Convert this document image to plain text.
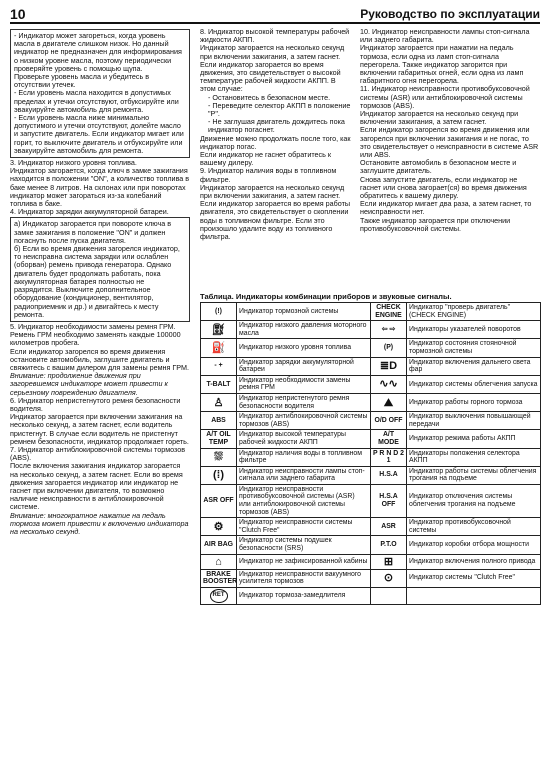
10	Руководство по эксплуатации

- Индикатор может загореться, когда уровень масла в двигателе слишком низок. Но данный индикатор не предназначен для информирования о низком уровне масла, поэтому периодически проверяйте уровень с помощью щупа.

Проверьте уровень масла и убедитесь в отсутствии утечек.

- Если уровень масла находится в допустимых пределах и утечки отсутствуют, отбуксируйте или эвакуируйте автомобиль для ремонта.

- Если уровень масла ниже минимально допустимого и утечки отсутствуют, долейте масло и запустите двигатель. Если индикатор мигает или горит, то выключите двигатель и отбуксируйте или эвакуируйте автомобиль для ремонта.

3. Индикатор низкого уровня топлива.

Индикатор загорается, когда ключ в замке зажигания находится в положении "ON", а количество топлива в баке менее 8 литров. На склонах или при поворотах индикатор может загораться из-за колебаний топлива в баке.

4. Индикатор зарядки аккумуляторной батареи.

а) Индикатор загорается при повороте ключа в замке зажигания в положение "ON" и должен погаснуть после пуска двигателя.

б) Если во время движения загорелся индикатор, то неисправна система зарядки или ослаблен (оборван) ремень привода генератора. Однако двигатель будет продолжать работать, пока аккумуляторная батарея полностью не разрядится. Выключите дополнительное оборудование (кондиционер, вентилятор, радиоприемник и др.) и двигайтесь к месту ремонта.

5. Индикатор необходимости замены ремня ГРМ.

Ремень ГРМ необходимо заменять каждые 100000 километров пробега.

Если индикатор загорелся во время движения остановите автомобиль, заглушите двигатель и свяжитесь с вашим дилером для замены ремня ГРМ.

Внимание: продолжение движения при загоревшемся индикаторе может привести к серьезному повреждению двигателя.

6. Индикатор непристегнутого ремня безопасности водителя.

Индикатор загорается при включении зажигания на несколько секунд, а затем гаснет, если водитель пристегнут. В случае если водитель не пристегнут ремнем безопасности, индикатор продолжает гореть.

7. Индикатор антиблокировочной системы тормозов (ABS).

После включения зажигания индикатор загорается на несколько секунд, а затем гаснет. Если во время движения загорается индикатор или индикатор не гаснет при включении двигателя, то возможно наличие неисправности в антиблокировочной системе.

Внимание: многократное нажатие на педаль тормоза может привести к включению индикатора на несколько секунд.

8. Индикатор высокой температуры рабочей жидкости АКПП.

Индикатор загорается на несколько секунд при включении зажигания, а затем гаснет.

Если индикатор загорается во время движения, это свидетельствует о высокой температуре рабочей жидкости АКПП. В этом случае:

- Остановитесь в безопасном месте.

- Переведите селектор АКПП в положение "P".

- Не заглушая двигатель дождитесь пока индикатор погаснет.

Движение можно продолжать после того, как индикатор погас.

Если индикатор не гаснет обратитесь к вашему дилеру.

9. Индикатор наличия воды в топливном фильтре.

Индикатор загорается на несколько секунд при включении зажигания, а затем гаснет.

Если индикатор загорается во время работы двигателя, это свидетельствует о скоплении воды в топливном фильтре. Если это произошло удалите воду из топливного фильтра.

10. Индикатор неисправности лампы стоп-сигнала или заднего габарита.

Индикатор загорается при нажатии на педаль тормоза, если одна из ламп стоп-сигнала перегорела. Также индикатор загорится при включении габаритных огней, если одна из ламп габаритного огня перегорела.

11. Индикатор неисправности противобуксовочной системы (ASR) или антиблокировочной системы тормозов (ABS).

Индикатор загорается на несколько секунд при включении зажигания, а затем гаснет.

Если индикатор загорелся во время движения или загорелся при включении зажигания и не погас, то это свидетельствует о неисправности в системе ASR или ABS.

Остановите автомобиль в безопасном месте и заглушите двигатель.

Снова запустите двигатель, если индикатор не гаснет или снова загорает(ся) во время движения обратитесь к вашему дилеру.

Если индикатор мигает два раза, а затем гаснет, то неисправности нет.

Также индикатор загорается при отключении противобуксовочной системы.

Таблица. Индикаторы комбинации приборов и звуковые сигналы.
(!)	Индикатор тормозной системы	CHECK ENGINE	Индикатор "проверь двигатель" (CHECK ENGINE)
⛽︎	Индикатор низкого давления моторного масла	⇦ ⇨	Индикаторы указателей поворотов
⛽	Индикатор низкого уровня топлива	(P)	Индикатор состояния стояночной тормозной системы
- +	Индикатор зарядки аккумуляторной батареи	≣D	Индикатор включения дальнего света фар
T-BALT	Индикатор необходимости замены ремня ГРМ	∿∿	Индикатор системы облегчения запуска
♙	Индикатор непристегнутого ремня безопасности водителя	⛰	Индикатор работы горного тормоза
ABS	Индикатор антиблокировочной системы тормозов (ABS)	O/D OFF	Индикатор выключения повышающей передачи
A/T OIL TEMP	Индикатор высокой температуры рабочей жидкости АКПП	A/T MODE	Индикатор режима работы АКПП
⛆	Индикатор наличия воды в топливном фильтре	P R N D 2 1	Индикаторы положения селектора АКПП
(⁞)	Индикатор неисправности лампы стоп-сигнала или заднего габарита	H.S.A	Индикатор работы системы облегчения трогания на подъеме
ASR OFF	Индикатор неисправности противобуксовочной системы (ASR) или антиблокировочной системы тормозов (ABS)	H.S.A OFF	Индикатор отключения системы облегчения трогания на подъеме
⚙	Индикатор неисправности системы "Clutch Free"	ASR	Индикатор противобуксовочной системы
AIR BAG	Индикатор системы подушек безопасности (SRS)	P.T.O	Индикатор коробки отбора мощности
⌂	Индикатор не зафиксированной кабины	⊞	Индикатор включения полного привода
BRAKE BOOSTER	Индикатор неисправности вакуумного усилителя тормозов	⊙	Индикатор системы "Clutch Free"
RET	Индикатор тормоза-замедлителя		
